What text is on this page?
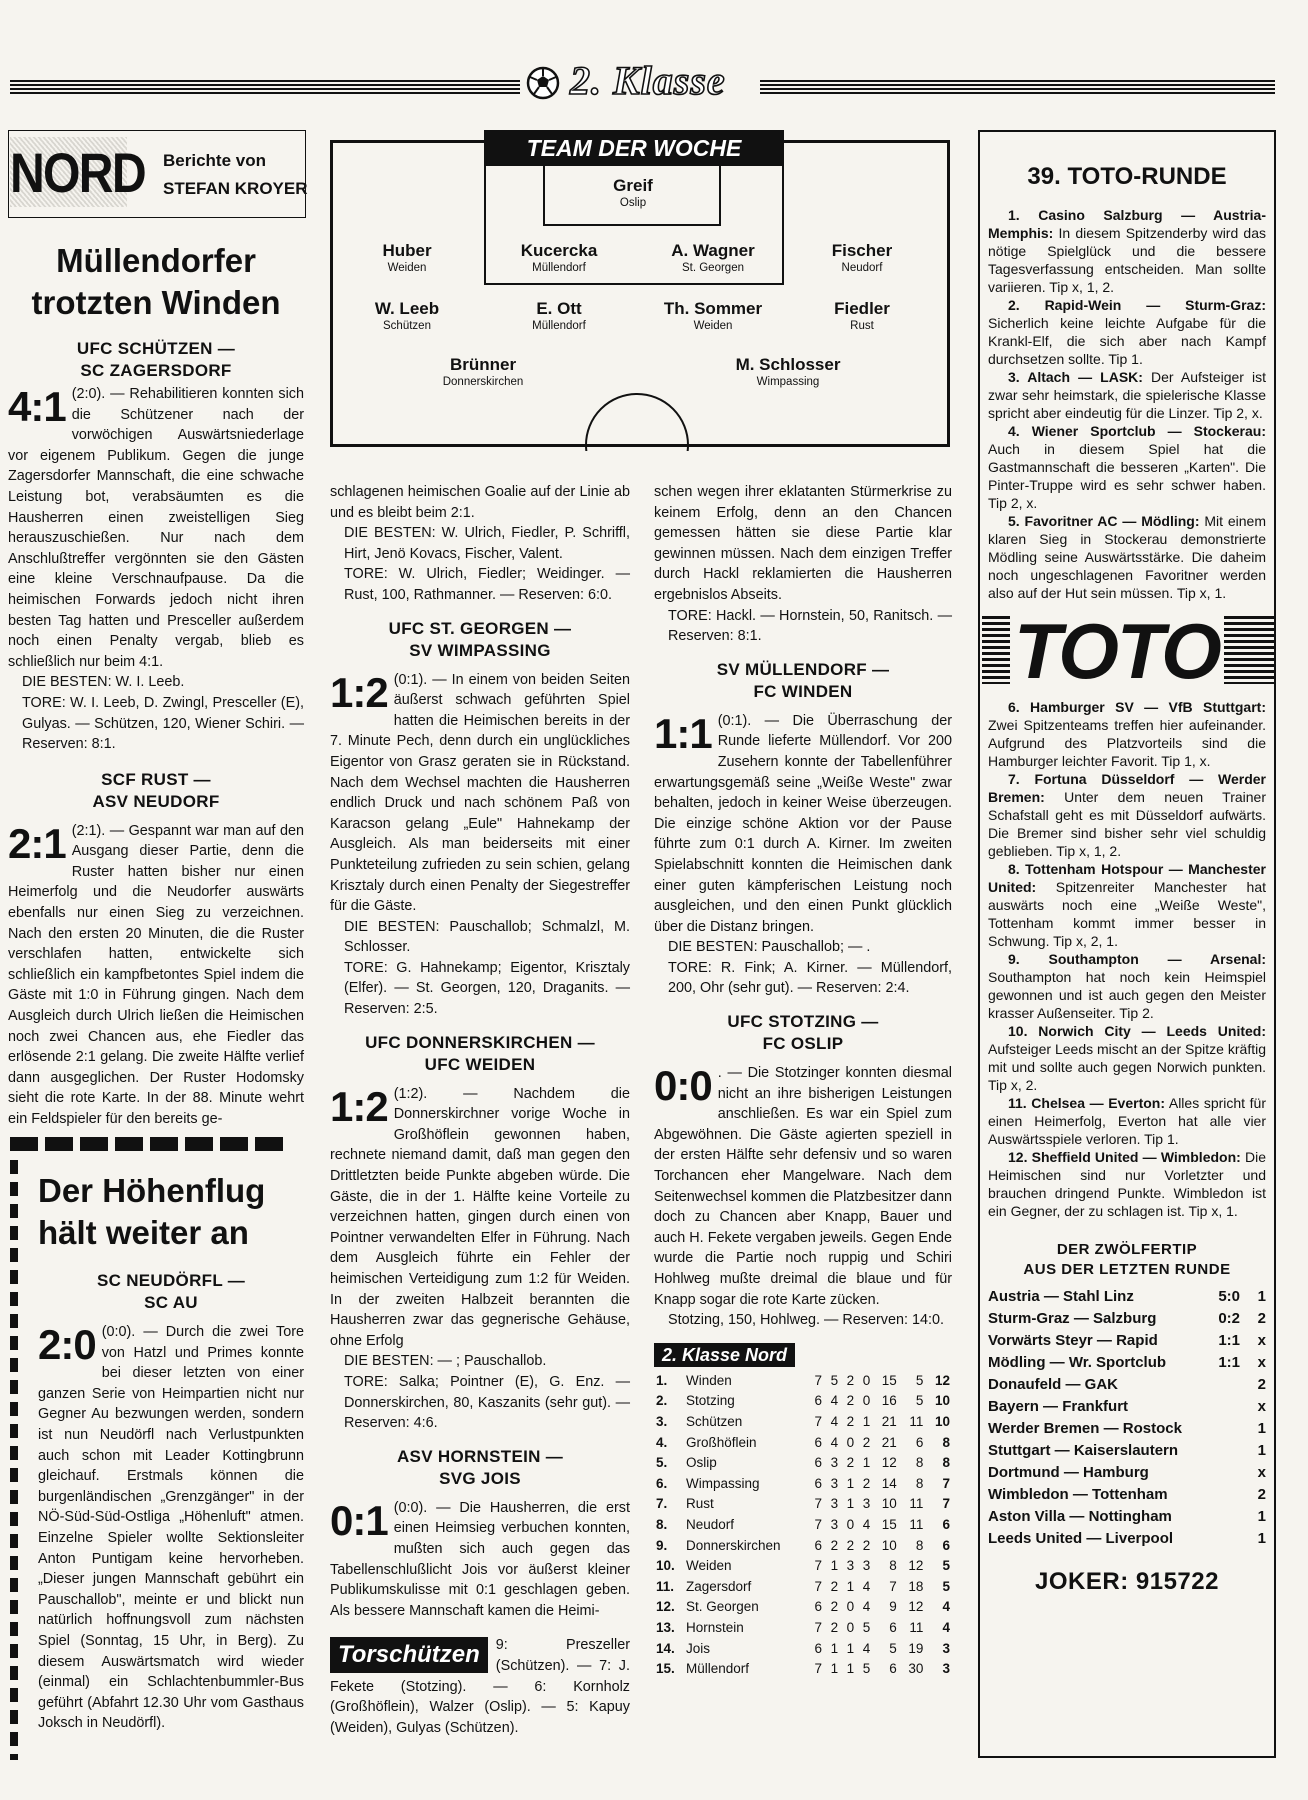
2. Klasse
NORD Berichte von
STEFAN KROYER
TEAM DER WOCHE
Greif
Oslip
Huber
Weiden
Kucercka
Müllendorf
A. Wagner
St. Georgen
Fischer
Neudorf
W. Leeb
Schützen
E. Ott
Müllendorf
Th. Sommer
Weiden
Fiedler
Rust
Brünner
Donnerskirchen
M. Schlosser
Wimpassing
Müllendorfer
trotzten Winden
UFC SCHÜTZEN —
SC ZAGERSDORF
4:1 (2:0). — Rehabilitieren konnten sich die Schützener nach der vorwöchigen Auswärtsniederlage vor eigenem Publikum. Gegen die junge Zagersdorfer Mannschaft, die eine schwache Leistung bot, verabsäumten es die Hausherren einen zweistelligen Sieg herauszuschießen. Nur nach dem Anschlußtreffer vergönnten sie den Gästen eine kleine Verschnaufpause. Da die heimischen Forwards jedoch nicht ihren besten Tag hatten und Presceller außerdem noch einen Penalty vergab, blieb es schließlich nur beim 4:1.
DIE BESTEN: W. I. Leeb.
TORE: W. I. Leeb, D. Zwingl, Presceller (E), Gulyas. — Schützen, 120, Wiener Schiri. — Reserven: 8:1.
SCF RUST —
ASV NEUDORF
2:1 (2:1). — Gespannt war man auf den Ausgang dieser Partie, denn die Ruster hatten bisher nur einen Heimerfolg und die Neudorfer auswärts ebenfalls nur einen Sieg zu verzeichnen. Nach den ersten 20 Minuten, die die Ruster verschlafen hatten, entwickelte sich schließlich ein kampfbetontes Spiel indem die Gäste mit 1:0 in Führung gingen. Nach dem Ausgleich durch Ulrich ließen die Heimischen noch zwei Chancen aus, ehe Fiedler das erlösende 2:1 gelang. Die zweite Hälfte verlief dann ausgeglichen. Der Ruster Hodomsky sieht die rote Karte. In der 88. Minute wehrt ein Feldspieler für den bereits ge-
Der Höhenflug
hält weiter an
SC NEUDÖRFL —
SC AU
2:0 (0:0). — Durch die zwei Tore von Hatzl und Primes konnte bei dieser letzten von einer ganzen Serie von Heimpartien nicht nur Gegner Au bezwungen werden, sondern ist nun Neudörfl nach Verlustpunkten auch schon mit Leader Kottingbrunn gleichauf. Erstmals können die burgenländischen „Grenzgänger" in der NÖ-Süd-Süd-Ostliga „Höhenluft" atmen. Einzelne Spieler wollte Sektionsleiter Anton Puntigam keine hervorheben. „Dieser jungen Mannschaft gebührt ein Pauschallob", meinte er und blickt nun natürlich hoffnungsvoll zum nächsten Spiel (Sonntag, 15 Uhr, in Berg). Zu diesem Auswärtsmatch wird wieder (einmal) ein Schlachtenbummler-Bus geführt (Abfahrt 12.30 Uhr vom Gasthaus Joksch in Neudörfl).
schlagenen heimischen Goalie auf der Linie ab und es bleibt beim 2:1.
DIE BESTEN: W. Ulrich, Fiedler, P. Schriffl, Hirt, Jenö Kovacs, Fischer, Valent.
TORE: W. Ulrich, Fiedler; Weidinger. — Rust, 100, Rathmanner. — Reserven: 6:0.
UFC ST. GEORGEN —
SV WIMPASSING
1:2 (0:1). — In einem von beiden Seiten äußerst schwach geführten Spiel hatten die Heimischen bereits in der 7. Minute Pech, denn durch ein unglückliches Eigentor von Grasz geraten sie in Rückstand. Nach dem Wechsel machten die Hausherren endlich Druck und nach schönem Paß von Karacson gelang „Eule" Hahnekamp der Ausgleich. Als man beiderseits mit einer Punkteteilung zufrieden zu sein schien, gelang Krisztaly durch einen Penalty der Siegestreffer für die Gäste.
DIE BESTEN: Pauschallob; Schmalzl, M. Schlosser.
TORE: G. Hahnekamp; Eigentor, Krisztaly (Elfer). — St. Georgen, 120, Draganits. — Reserven: 2:5.
UFC DONNERSKIRCHEN —
UFC WEIDEN
1:2 (1:2). — Nachdem die Donnerskirchner vorige Woche in Großhöflein gewonnen haben, rechnete niemand damit, daß man gegen den Drittletzten beide Punkte abgeben würde. Die Gäste, die in der 1. Hälfte keine Vorteile zu verzeichnen hatten, gingen durch einen von Pointner verwandelten Elfer in Führung. Nach dem Ausgleich führte ein Fehler der heimischen Verteidigung zum 1:2 für Weiden. In der zweiten Halbzeit berannten die Hausherren zwar das gegnerische Gehäuse, ohne Erfolg
DIE BESTEN: — ; Pauschallob.
TORE: Salka; Pointner (E), G. Enz. — Donnerskirchen, 80, Kaszanits (sehr gut). — Reserven: 4:6.
ASV HORNSTEIN —
SVG JOIS
0:1 (0:0). — Die Hausherren, die erst einen Heimsieg verbuchen konnten, mußten sich auch gegen das Tabellenschlußlicht Jois vor äußerst kleiner Publikumskulisse mit 0:1 geschlagen geben. Als bessere Mannschaft kamen die Heimi-
Torschützen	9: Preszeller (Schützen). — 7: J. Fekete (Stotzing). — 6: Kornholz (Großhöflein), Walzer (Oslip). — 5: Kapuy (Weiden), Gulyas (Schützen).
schen wegen ihrer eklatanten Stürmerkrise zu keinem Erfolg, denn an den Chancen gemessen hätten sie diese Partie klar gewinnen müssen. Nach dem einzigen Treffer durch Hackl reklamierten die Hausherren ergebnislos Abseits.
TORE: Hackl. — Hornstein, 50, Ranitsch. — Reserven: 8:1.
SV MÜLLENDORF —
FC WINDEN
1:1 (0:1). — Die Überraschung der Runde lieferte Müllendorf. Vor 200 Zusehern konnte der Tabellenführer erwartungsgemäß seine „Weiße Weste" zwar behalten, jedoch in keiner Weise überzeugen. Die einzige schöne Aktion vor der Pause führte zum 0:1 durch A. Kirner. Im zweiten Spielabschnitt konnten die Heimischen dank einer guten kämpferischen Leistung noch ausgleichen, und den einen Punkt glücklich über die Distanz bringen.
DIE BESTEN: Pauschallob; — .
TORE: R. Fink; A. Kirner. — Müllendorf, 200, Ohr (sehr gut). — Reserven: 2:4.
UFC STOTZING —
FC OSLIP
0:0 . — Die Stotzinger konnten diesmal nicht an ihre bisherigen Leistungen anschließen. Es war ein Spiel zum Abgewöhnen. Die Gäste agierten speziell in der ersten Hälfte sehr defensiv und so waren Torchancen eher Mangelware. Nach dem Seitenwechsel kommen die Platzbesitzer dann doch zu Chancen aber Knapp, Bauer und auch H. Fekete vergaben jeweils. Gegen Ende wurde die Partie noch ruppig und Schiri Hohlweg mußte dreimal die blaue und für Knapp sogar die rote Karte zücken.
Stotzing, 150, Hohlweg. — Reserven: 14:0.
2. Klasse Nord
1.	Winden	7	5	2	0	15	5	12
2.	Stotzing	6	4	2	0	16	5	10
3.	Schützen	7	4	2	1	21	11	10
4.	Großhöflein	6	4	0	2	21	6	8
5.	Oslip	6	3	2	1	12	8	8
6.	Wimpassing	6	3	1	2	14	8	7
7.	Rust	7	3	1	3	10	11	7
8.	Neudorf	7	3	0	4	15	11	6
9.	Donnerskirchen	6	2	2	2	10	8	6
10.	Weiden	7	1	3	3	8	12	5
11.	Zagersdorf	7	2	1	4	7	18	5
12.	St. Georgen	6	2	0	4	9	12	4
13.	Hornstein	7	2	0	5	6	11	4
14.	Jois	6	1	1	4	5	19	3
15.	Müllendorf	7	1	1	5	6	30	3
39. TOTO-RUNDE
1. Casino Salzburg — Austria-Memphis: In diesem Spitzenderby wird das nötige Spielglück und die bessere Tagesverfassung entscheiden. Man sollte variieren. Tip x, 1, 2.
2. Rapid-Wein — Sturm-Graz: Sicherlich keine leichte Aufgabe für die Krankl-Elf, die sich aber nach Kampf durchsetzen sollte. Tip 1.
3. Altach — LASK: Der Aufsteiger ist zwar sehr heimstark, die spielerische Klasse spricht aber eindeutig für die Linzer. Tip 2, x.
4. Wiener Sportclub — Stockerau: Auch in diesem Spiel hat die Gastmannschaft die besseren „Karten". Die Pinter-Truppe wird es sehr schwer haben. Tip 2, x.
5. Favoritner AC — Mödling: Mit einem klaren Sieg in Stockerau demonstrierte Mödling seine Auswärtsstärke. Die daheim noch ungeschlagenen Favoritner werden also auf der Hut sein müssen. Tip x, 1.
TOTO
6. Hamburger SV — VfB Stuttgart: Zwei Spitzenteams treffen hier aufeinander. Aufgrund des Platzvorteils sind die Hamburger leichter Favorit. Tip 1, x.
7. Fortuna Düsseldorf — Werder Bremen: Unter dem neuen Trainer Schafstall geht es mit Düsseldorf aufwärts. Die Bremer sind bisher sehr viel schuldig geblieben. Tip x, 1, 2.
8. Tottenham Hotspour — Manchester United: Spitzenreiter Manchester hat auswärts noch eine „Weiße Weste", Tottenham kommt immer besser in Schwung. Tip x, 2, 1.
9. Southampton — Arsenal: Southampton hat noch kein Heimspiel gewonnen und ist auch gegen den Meister krasser Außenseiter. Tip 2.
10. Norwich City — Leeds United: Aufsteiger Leeds mischt an der Spitze kräftig mit und sollte auch gegen Norwich punkten. Tip x, 2.
11. Chelsea — Everton: Alles spricht für einen Heimerfolg, Everton hat alle vier Auswärtsspiele verloren. Tip 1.
12. Sheffield United — Wimbledon: Die Heimischen sind nur Vorletzter und brauchen dringend Punkte. Wimbledon ist ein Gegner, der zu schlagen ist. Tip x, 1.
DER ZWÖLFERTIP
AUS DER LETZTEN RUNDE
Austria — Stahl Linz	5:0	1
Sturm-Graz — Salzburg	0:2	2
Vorwärts Steyr — Rapid	1:1	x
Mödling — Wr. Sportclub	1:1	x
Donaufeld — GAK	2
Bayern — Frankfurt	x
Werder Bremen — Rostock	1
Stuttgart — Kaiserslautern	1
Dortmund — Hamburg	x
Wimbledon — Tottenham	2
Aston Villa — Nottingham	1
Leeds United — Liverpool	1
JOKER: 915722
